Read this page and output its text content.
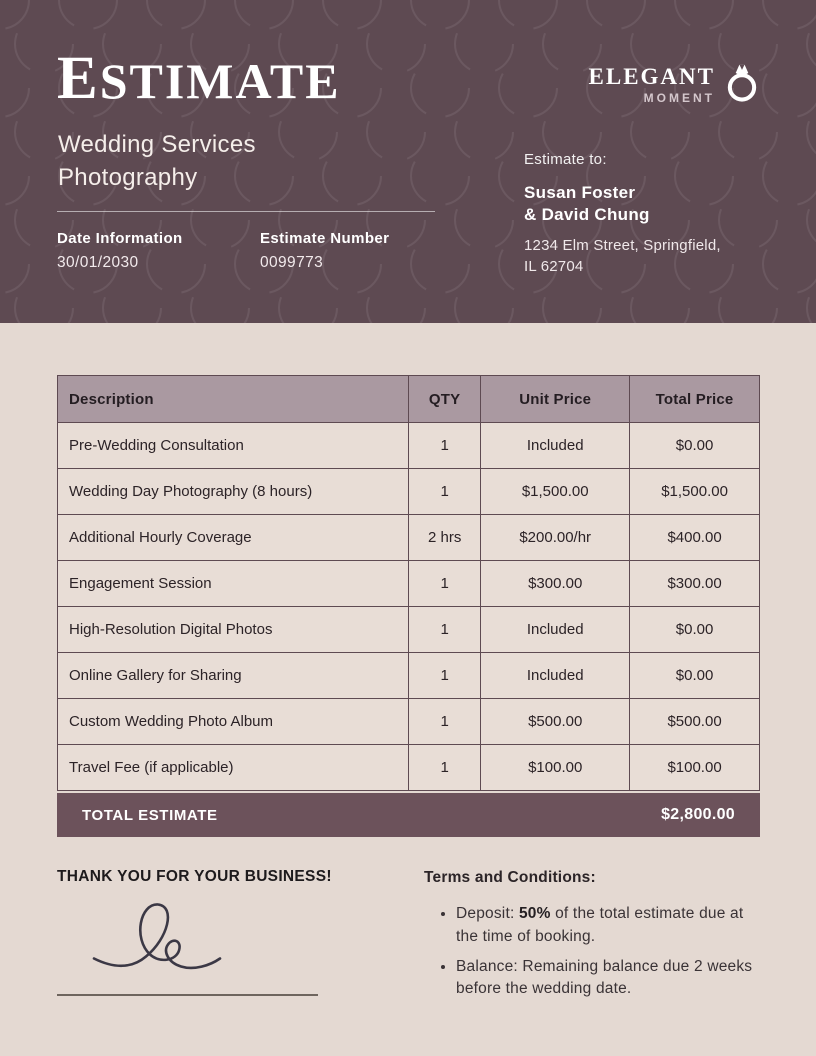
ESTIMATE

Wedding Services
Photography

Date Information
30/01/2030
Estimate Number
0099773
Estimate to:
Susan Foster
& David Chung
1234 Elm Street, Springfield,
IL 62704
ELEGANT
MOMENT
Description	QTY	Unit Price	Total Price
Pre-Wedding Consultation	1	Included	$0.00
Wedding Day Photography (8 hours)	1	$1,500.00	$1,500.00
Additional Hourly Coverage	2 hrs	$200.00/hr	$400.00
Engagement Session	1	$300.00	$300.00
High-Resolution Digital Photos	1	Included	$0.00
Online Gallery for Sharing	1	Included	$0.00
Custom Wedding Photo Album	1	$500.00	$500.00
Travel Fee (if applicable)	1	$100.00	$100.00
TOTAL ESTIMATE	$2,800.00
THANK YOU FOR YOUR BUSINESS!	Terms and Conditions:
• Deposit: 50% of the total estimate due at the time of booking.
• Balance: Remaining balance due 2 weeks before the wedding date.
